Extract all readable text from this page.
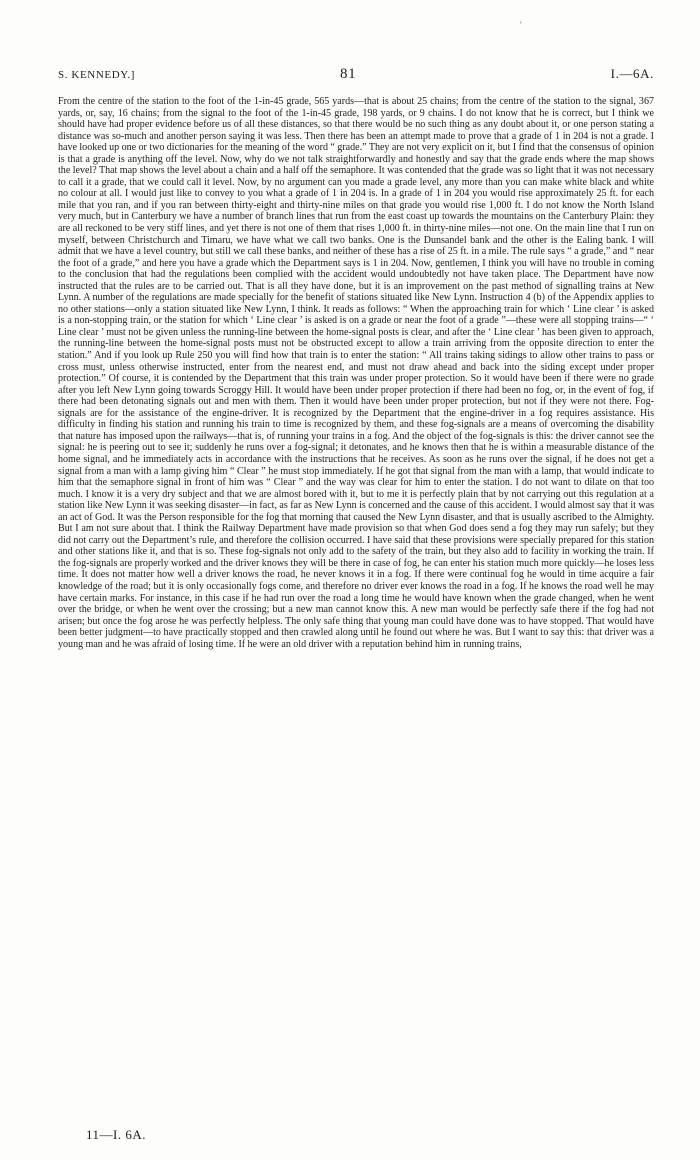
'
S. KENNEDY.]	81	I.—6A.

From the centre of the station to the foot of the 1-in-45 grade, 565 yards—that is about 25 chains; from the centre of the station to the signal, 367 yards, or, say, 16 chains; from the signal to the foot of the 1-in-45 grade, 198 yards, or 9 chains. I do not know that he is correct, but I think we should have had proper evidence before us of all these distances, so that there would be no such thing as any doubt about it, or one person stating a distance was so-much and another person saying it was less. Then there has been an attempt made to prove that a grade of 1 in 204 is not a grade. I have looked up one or two dictionaries for the meaning of the word “ grade.” They are not very explicit on it, but I find that the consensus of opinion is that a grade is anything off the level. Now, why do we not talk straightforwardly and honestly and say that the grade ends where the map shows the level? That map shows the level about a chain and a half off the semaphore. It was contended that the grade was so light that it was not necessary to call it a grade, that we could call it level. Now, by no argument can you made a grade level, any more than you can make white black and white no colour at all. I would just like to convey to you what a grade of 1 in 204 is. In a grade of 1 in 204 you would rise approximately 25 ft. for each mile that you ran, and if you ran between thirty-eight and thirty-nine miles on that grade you would rise 1,000 ft. I do not know the North Island very much, but in Canterbury we have a number of branch lines that run from the east coast up towards the mountains on the Canterbury Plain: they are all reckoned to be very stiff lines, and yet there is not one of them that rises 1,000 ft. in thirty-nine miles—not one. On the main line that I run on myself, between Christchurch and Timaru, we have what we call two banks. One is the Dunsandel bank and the other is the Ealing bank. I will admit that we have a level country, but still we call these banks, and neither of these has a rise of 25 ft. in a mile. The rule says “ a grade,” and “ near the foot of a grade,” and here you have a grade which the Department says is 1 in 204. Now, gentlemen, I think you will have no trouble in coming to the conclusion that had the regulations been complied with the accident would undoubtedly not have taken place. The Department have now instructed that the rules are to be carried out. That is all they have done, but it is an improvement on the past method of signalling trains at New Lynn. A number of the regulations are made specially for the benefit of stations situated like New Lynn. Instruction 4 (b) of the Appendix applies to no other stations—only a station situated like New Lynn, I think. It reads as follows: “ When the approaching train for which ‘ Line clear ’ is asked is a non-stopping train, or the station for which ‘ Line clear ’ is asked is on a grade or near the foot of a grade ”—these were all stopping trains—“ ‘ Line clear ’ must not be given unless the running-line between the home-signal posts is clear, and after the ‘ Line clear ’ has been given to approach, the running-line between the home-signal posts must not be obstructed except to allow a train arriving from the opposite direction to enter the station.” And if you look up Rule 250 you will find how that train is to enter the station: “ All trains taking sidings to allow other trains to pass or cross must, unless otherwise instructed, enter from the nearest end, and must not draw ahead and back into the siding except under proper protection.” Of course, it is contended by the Department that this train was under proper protection. So it would have been if there were no grade after you left New Lynn going towards Scroggy Hill. It would have been under proper protection if there had been no fog, or, in the event of fog, if there had been detonating signals out and men with them. Then it would have been under proper protection, but not if they were not there. Fog-signals are for the assistance of the engine-driver. It is recognized by the Department that the engine-driver in a fog requires assistance. His difficulty in finding his station and running his train to time is recognized by them, and these fog-signals are a means of overcoming the disability that nature has imposed upon the railways—that is, of running your trains in a fog. And the object of the fog-signals is this: the driver cannot see the signal: he is peering out to see it; suddenly he runs over a fog-signal; it detonates, and he knows then that he is within a measurable distance of the home signal, and he immediately acts in accordance with the instructions that he receives. As soon as he runs over the signal, if he does not get a signal from a man with a lamp giving him “ Clear ” he must stop immediately. If he got that signal from the man with a lamp, that would indicate to him that the semaphore signal in front of him was “ Clear ” and the way was clear for him to enter the station. I do not want to dilate on that too much. I know it is a very dry subject and that we are almost bored with it, but to me it is perfectly plain that by not carrying out this regulation at a station like New Lynn it was seeking disaster—in fact, as far as New Lynn is concerned and the cause of this accident. I would almost say that it was an act of God. It was the Person responsible for the fog that morning that caused the New Lynn disaster, and that is usually ascribed to the Almighty. But I am not sure about that. I think the Railway Department have made provision so that when God does send a fog they may run safely; but they did not carry out the Department’s rule, and therefore the collision occurred. I have said that these provisions were specially prepared for this station and other stations like it, and that is so. These fog-signals not only add to the safety of the train, but they also add to facility in working the train. If the fog-signals are properly worked and the driver knows they will be there in case of fog, he can enter his station much more quickly—he loses less time. It does not matter how well a driver knows the road, he never knows it in a fog. If there were continual fog he would in time acquire a fair knowledge of the road; but it is only occasionally fogs come, and therefore no driver ever knows the road in a fog. If he knows the road well he may have certain marks. For instance, in this case if he had run over the road a long time he would have known when the grade changed, when he went over the bridge, or when he went over the crossing; but a new man cannot know this. A new man would be perfectly safe there if the fog had not arisen; but once the fog arose he was perfectly helpless. The only safe thing that young man could have done was to have stopped. That would have been better judgment—to have practically stopped and then crawled along until he found out where he was. But I want to say this: that driver was a young man and he was afraid of losing time. If he were an old driver with a reputation behind him in running trains,

11—I. 6A.
